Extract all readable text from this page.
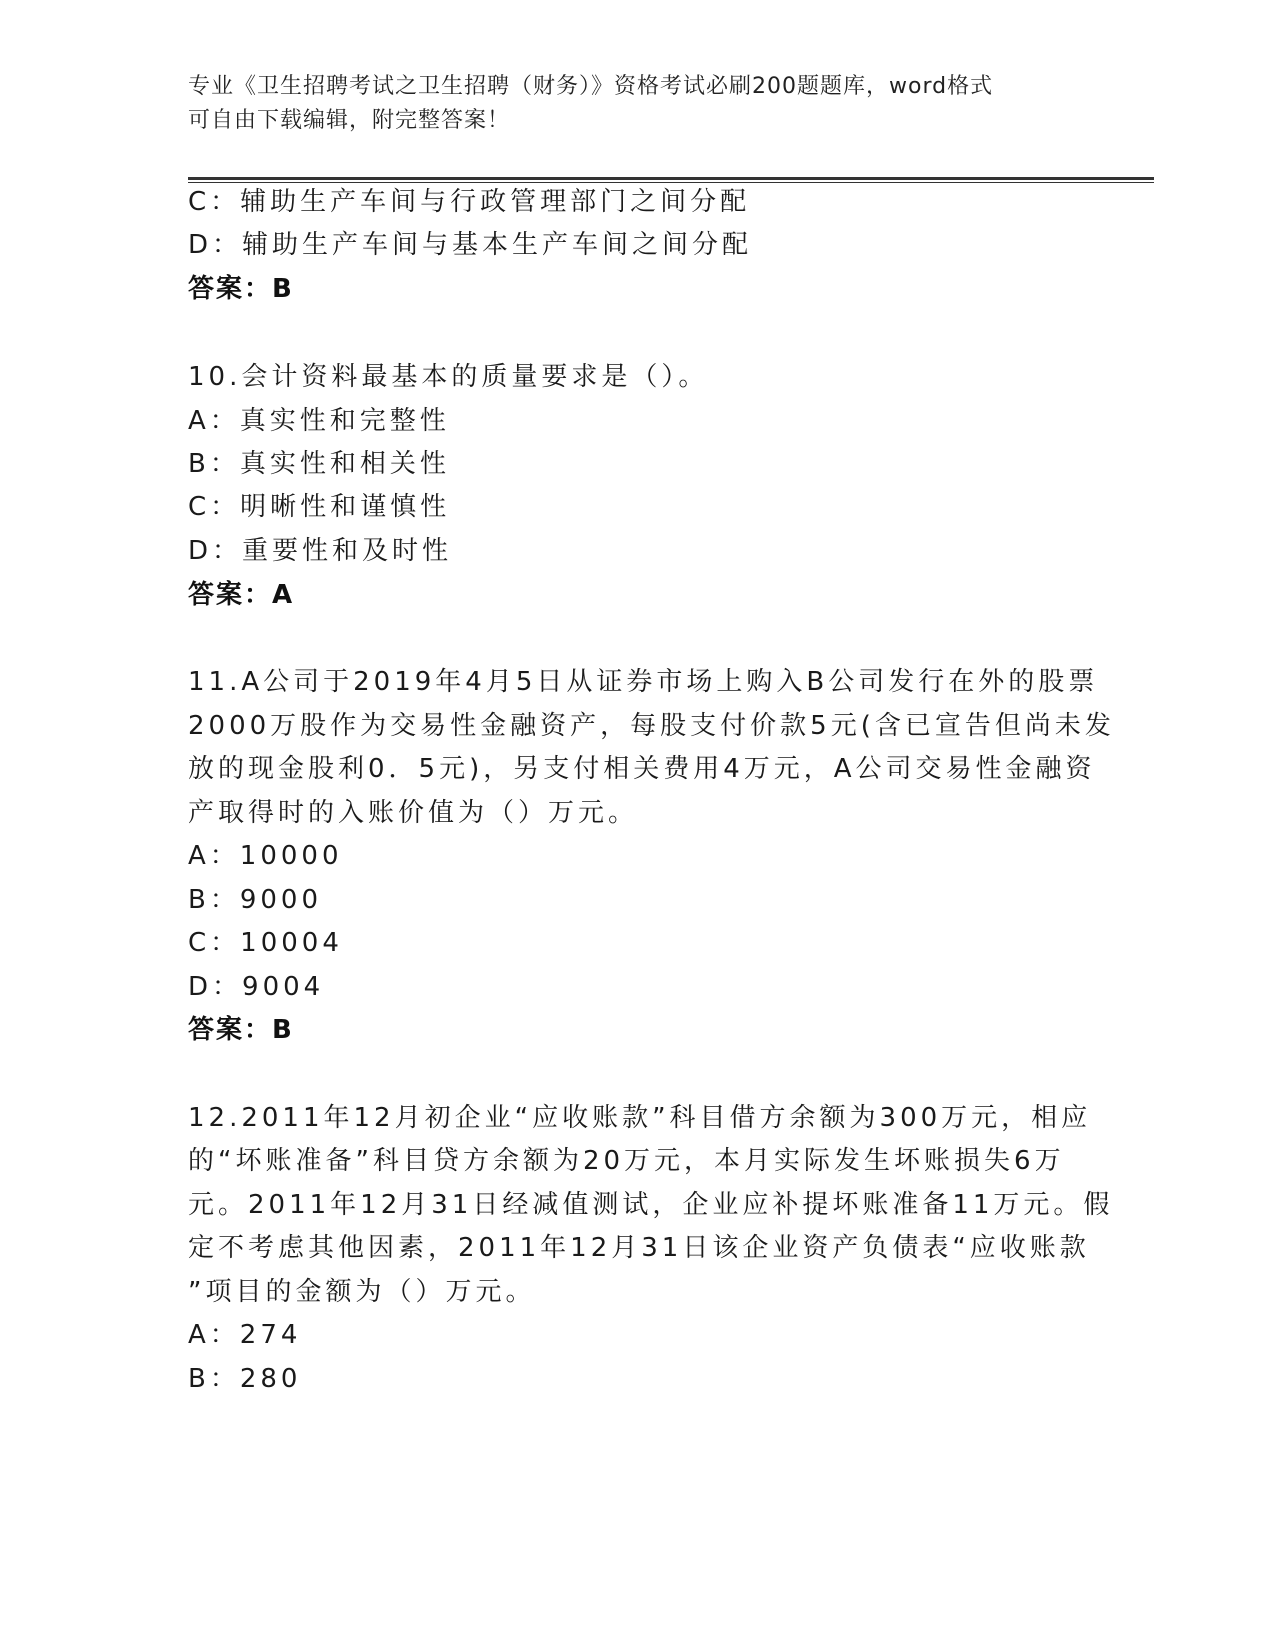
专业《卫生招聘考试之卫生招聘（财务）》资格考试必刷200题题库，word格式
可自由下载编辑，附完整答案！
C：辅助生产车间与行政管理部门之间分配
D：辅助生产车间与基本生产车间之间分配
答案：B
10.会计资料最基本的质量要求是（）。
A：真实性和完整性
B：真实性和相关性
C：明晰性和谨慎性
D：重要性和及时性
答案：A
11.A公司于2019年4月5日从证券市场上购入B公司发行在外的股票
2000万股作为交易性金融资产，每股支付价款5元(含已宣告但尚未发
放的现金股利0．5元)，另支付相关费用4万元，A公司交易性金融资
产取得时的入账价值为（）万元。
A：10000
B：9000
C：10004
D：9004
答案：B
12.2011年12月初企业“应收账款”科目借方余额为300万元，相应
的“坏账准备”科目贷方余额为20万元，本月实际发生坏账损失6万
元。2011年12月31日经减值测试，企业应补提坏账准备11万元。假
定不考虑其他因素，2011年12月31日该企业资产负债表“应收账款
”项目的金额为（）万元。
A：274
B：280
